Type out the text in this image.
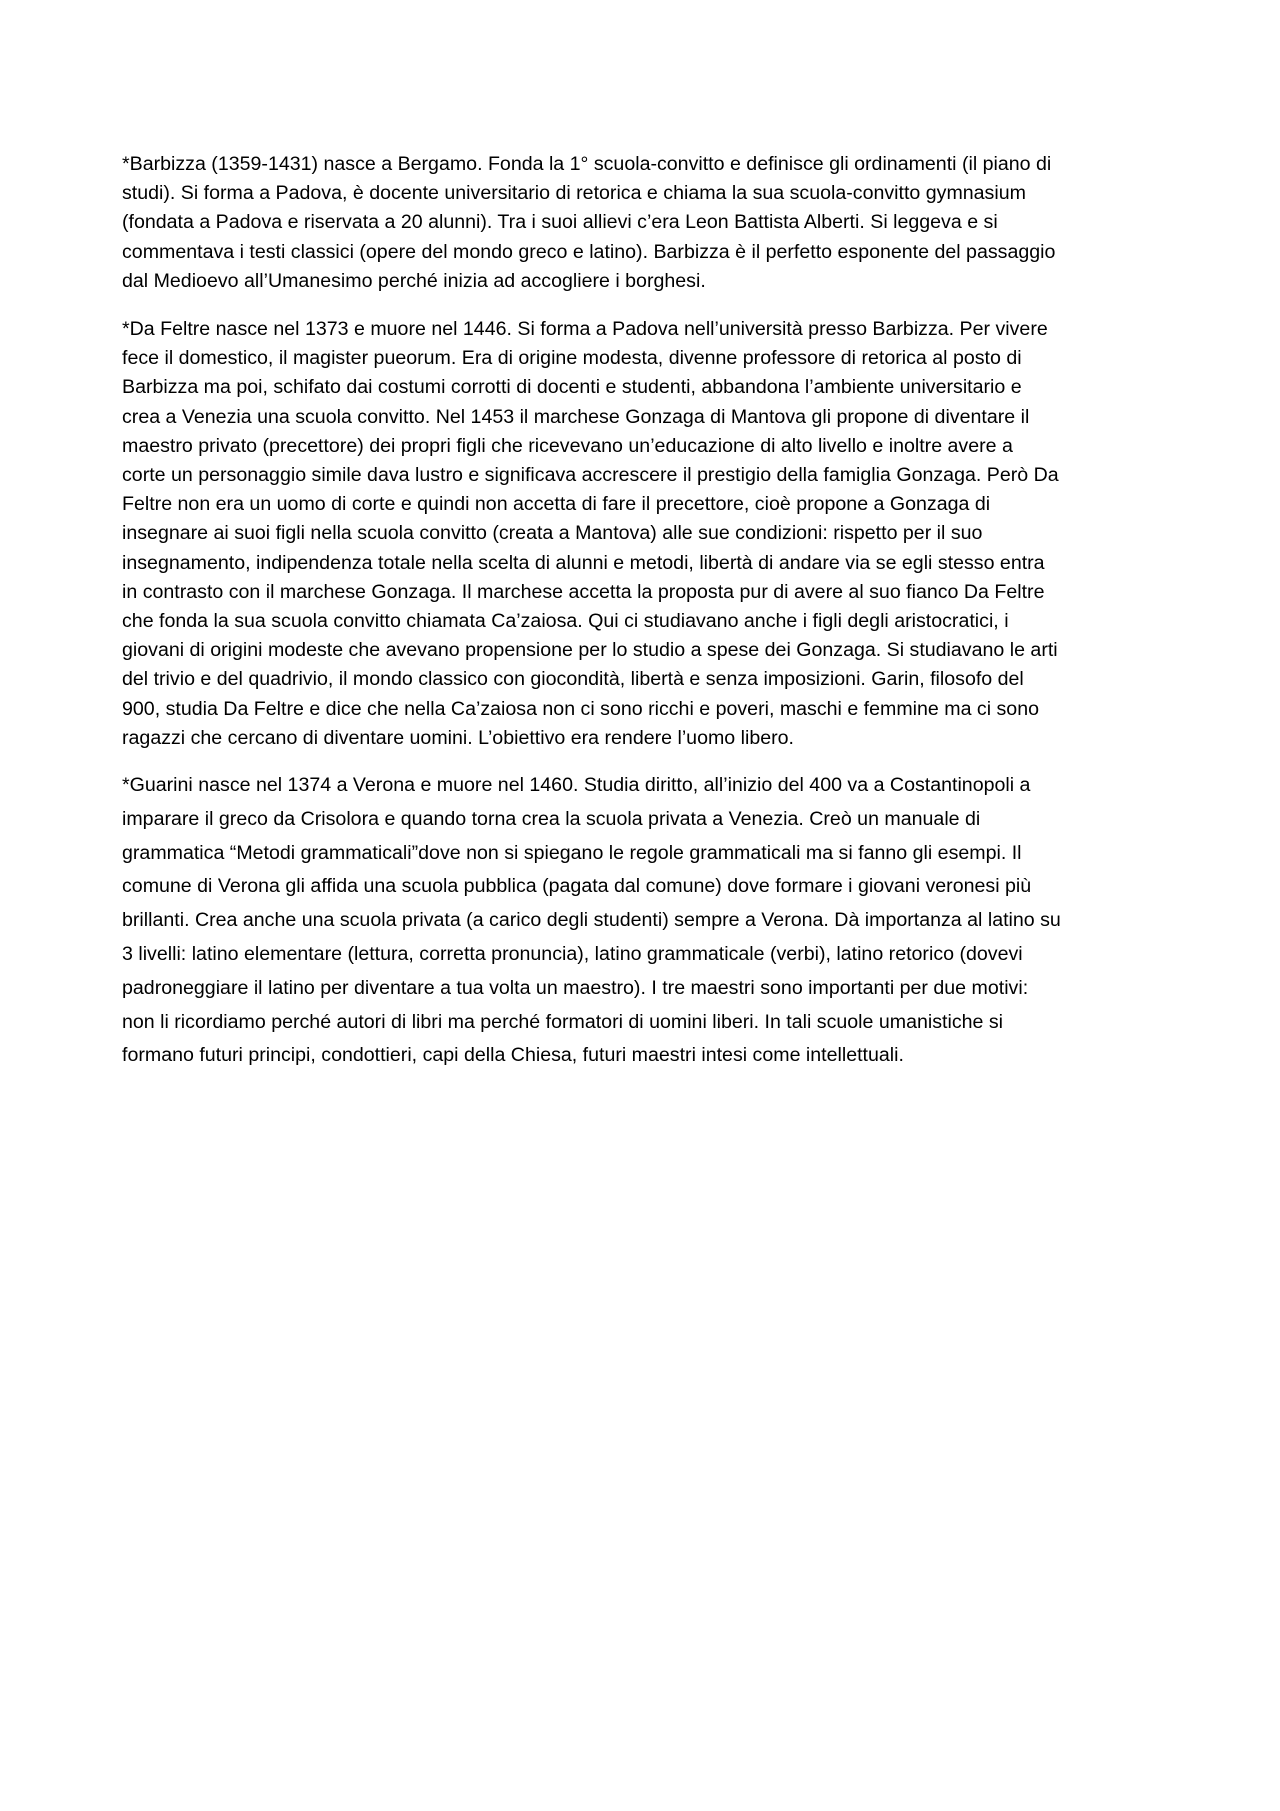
*Barbizza (1359-1431) nasce a Bergamo. Fonda la 1° scuola-convitto e definisce gli ordinamenti (il piano di
studi). Si forma a Padova, è docente universitario di retorica e chiama la sua scuola-convitto gymnasium
(fondata a Padova e riservata a 20 alunni). Tra i suoi allievi c’era Leon Battista Alberti. Si leggeva e si
commentava i testi classici (opere del mondo greco e latino). Barbizza è il perfetto esponente del passaggio
dal Medioevo all’Umanesimo perché inizia ad accogliere i borghesi.

*Da Feltre nasce nel 1373 e muore nel 1446. Si forma a Padova nell’università presso Barbizza. Per vivere
fece il domestico, il magister pueorum. Era di origine modesta, divenne professore di retorica al posto di
Barbizza ma poi, schifato dai costumi corrotti di docenti e studenti, abbandona l’ambiente universitario e
crea a Venezia una scuola convitto. Nel 1453 il marchese Gonzaga di Mantova gli propone di diventare il
maestro privato (precettore) dei propri figli che ricevevano un’educazione di alto livello e inoltre avere a
corte un personaggio simile dava lustro e significava accrescere il prestigio della famiglia Gonzaga. Però Da
Feltre non era un uomo di corte e quindi non accetta di fare il precettore, cioè propone a Gonzaga di
insegnare ai suoi figli nella scuola convitto (creata a Mantova) alle sue condizioni: rispetto per il suo
insegnamento, indipendenza totale nella scelta di alunni e metodi, libertà di andare via se egli stesso entra
in contrasto con il marchese Gonzaga. Il marchese accetta la proposta pur di avere al suo fianco Da Feltre
che fonda la sua scuola convitto chiamata Ca’zaiosa. Qui ci studiavano anche i figli degli aristocratici, i
giovani di origini modeste che avevano propensione per lo studio a spese dei Gonzaga. Si studiavano le arti
del trivio e del quadrivio, il mondo classico con giocondità, libertà e senza imposizioni. Garin, filosofo del
900, studia Da Feltre e dice che nella Ca’zaiosa non ci sono ricchi e poveri, maschi e femmine ma ci sono
ragazzi che cercano di diventare uomini. L’obiettivo era rendere l’uomo libero.

*Guarini nasce nel 1374 a Verona e muore nel 1460. Studia diritto, all’inizio del 400 va a Costantinopoli a
imparare il greco da Crisolora e quando torna crea la scuola privata a Venezia. Creò un manuale di
grammatica “Metodi grammaticali”dove non si spiegano le regole grammaticali ma si fanno gli esempi. Il
comune di Verona gli affida una scuola pubblica (pagata dal comune) dove formare i giovani veronesi più
brillanti. Crea anche una scuola privata (a carico degli studenti) sempre a Verona. Dà importanza al latino su
3 livelli: latino elementare (lettura, corretta pronuncia), latino grammaticale (verbi), latino retorico (dovevi
padroneggiare il latino per diventare a tua volta un maestro). I tre maestri sono importanti per due motivi:
non li ricordiamo perché autori di libri ma perché formatori di uomini liberi. In tali scuole umanistiche si
formano futuri principi, condottieri, capi della Chiesa, futuri maestri intesi come intellettuali.
